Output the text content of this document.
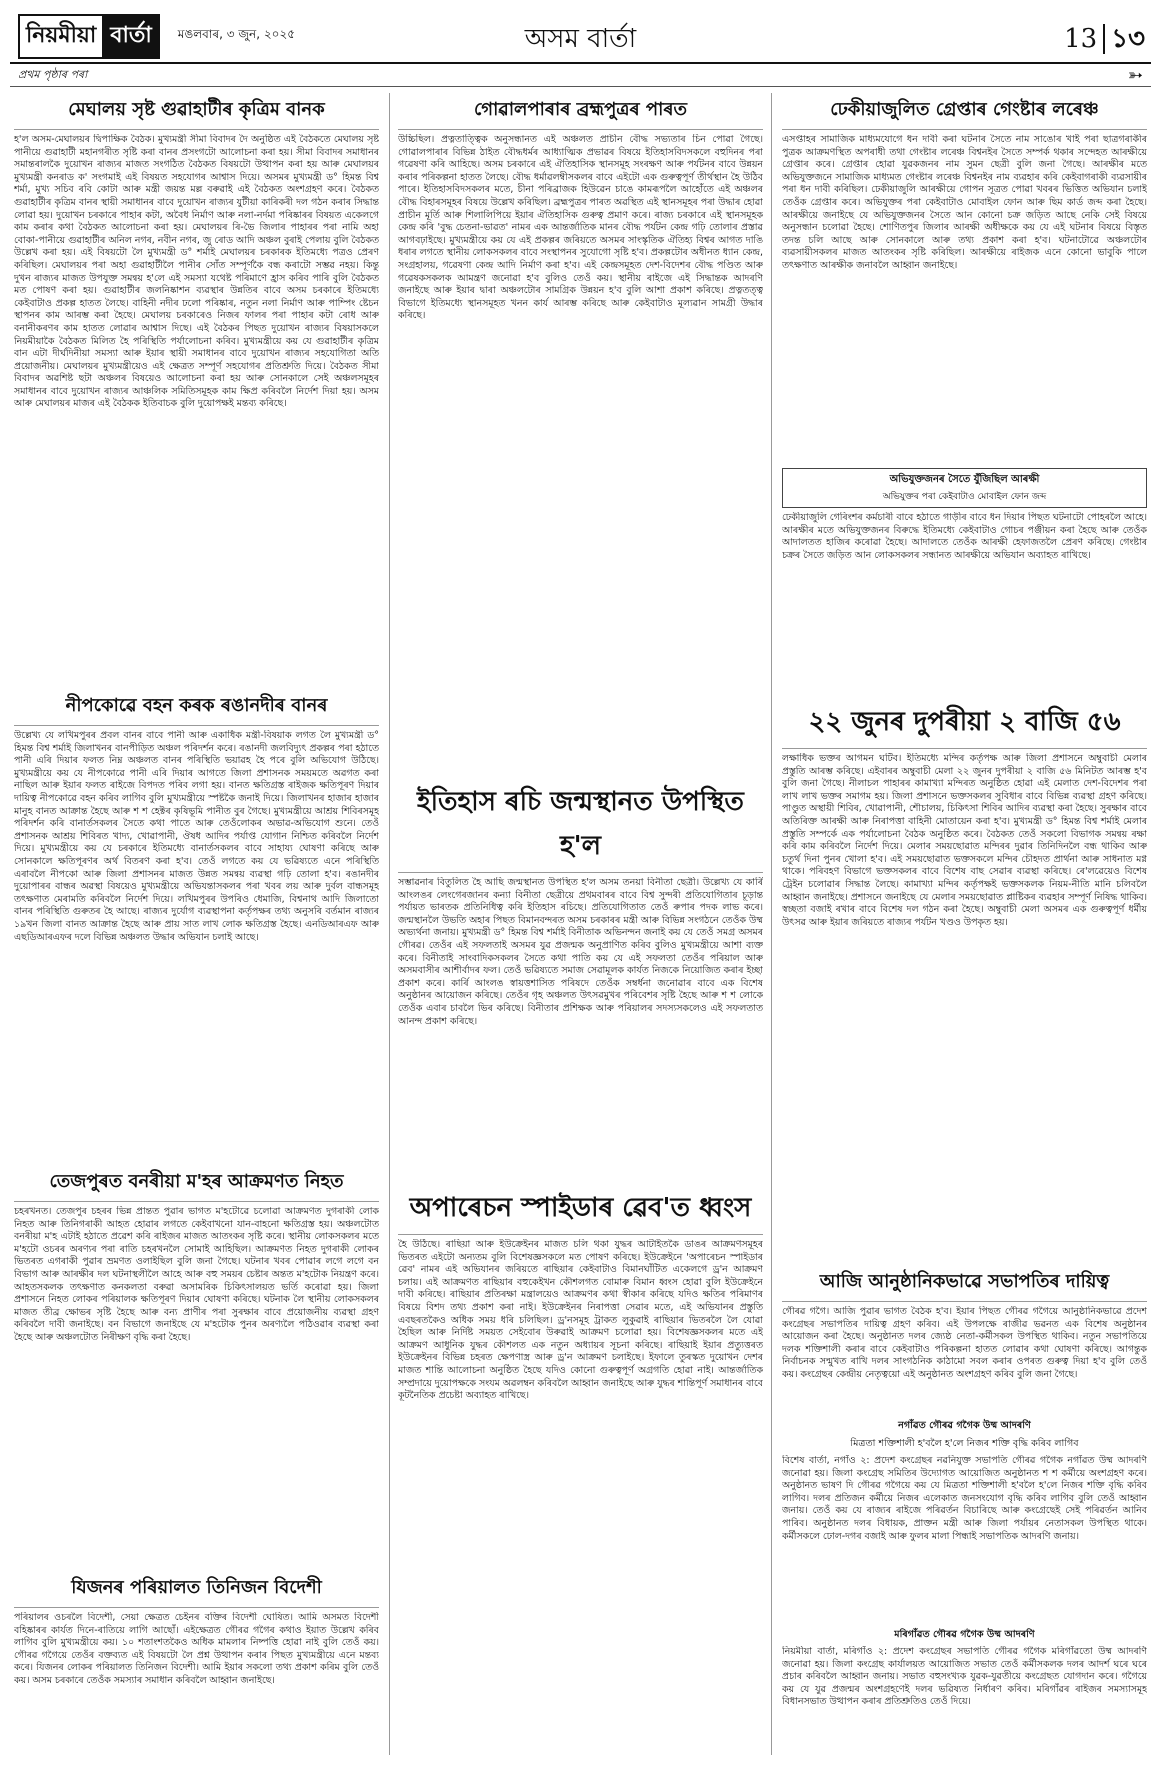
নিয়মীয়া বাৰ্তা	মঙলবাৰ, ৩ জুন, ২০২৫	অসম বাৰ্তা	13 ১৩
প্ৰথম পৃষ্ঠাৰ পৰা	➳
মেঘালয় সৃষ্ট গুৱাহাটীৰ কৃত্ৰিম বানক
হ'ল অসম-মেঘালয়ৰ দ্বিপাক্ষিক বৈঠক। মুখ্যমন্ত্ৰী সীমা বিবাদৰ দৈ অনুষ্ঠিত এই বৈঠকতে মেঘালয় সৃষ্ট পানীয়ে গুৱাহাটী মহানগৰীত সৃষ্টি কৰা বানৰ প্ৰসংগটো আলোচনা কৰা হয়। সীমা বিবাদৰ সমাধানৰ সমান্তৰালকৈ দুয়োখন ৰাজ্যৰ মাজত সংগঠিত বৈঠকত বিষয়টো উত্থাপন কৰা হয় আৰু মেঘালয়ৰ মুখ্যমন্ত্ৰী কনৰাড ক' সংগমাই এই বিষয়ত সহযোগৰ আশ্বাস দিয়ে। অসমৰ মুখ্যমন্ত্ৰী ড° হিমন্ত বিশ্ব শৰ্মা, মুখ্য সচিব ৰবি কোটা আৰু মন্ত্ৰী জয়ন্ত মল্ল বৰুৱাই এই বৈঠকত অংশগ্ৰহণ কৰে। বৈঠকত গুৱাহাটীৰ কৃত্ৰিম বানৰ স্থায়ী সমাধানৰ বাবে দুয়োখন ৰাজ্যৰ যুটীয়া কাৰিকৰী দল গঠন কৰাৰ সিদ্ধান্ত লোৱা হয়। দুয়োখন চৰকাৰে পাহাৰ কটা, অবৈধ নিৰ্মাণ আৰু নলা-নৰ্দমা পৰিষ্কাৰৰ বিষয়ত একেলগে কাম কৰাৰ কথা বৈঠকত আলোচনা কৰা হয়। মেঘালয়ৰ ৰি-ভৈ জিলাৰ পাহাৰৰ পৰা নামি অহা বোকা-পানীয়ে গুৱাহাটীৰ অনিল নগৰ, নবীন নগৰ, জু ৰোড আদি অঞ্চল বুৰাই পেলায় বুলি বৈঠকত উল্লেখ কৰা হয়। এই বিষয়টো লৈ মুখ্যমন্ত্ৰী ড° শৰ্মাই মেঘালয়ৰ চৰকাৰক ইতিমধ্যে পত্ৰও প্ৰেৰণ কৰিছিল। মেঘালয়ৰ পৰা অহা গুৱাহাটীলৈ পানীৰ সোঁত সম্পূৰ্ণকৈ বন্ধ কৰাটো সম্ভৱ নহয়। কিন্তু দুখন ৰাজ্যৰ মাজত উপযুক্ত সমন্বয় হ'লে এই সমস্যা যথেষ্ট পৰিমাণে হ্ৰাস কৰিব পাৰি বুলি বৈঠকত মত পোষণ কৰা হয়। গুৱাহাটীৰ জলনিষ্কাশন ব্যৱস্থাৰ উন্নতিৰ বাবে অসম চৰকাৰে ইতিমধ্যে কেইবাটাও প্ৰকল্প হাতত লৈছে। বাহিনী নদীৰ ঢলো পৰিষ্কাৰ, নতুন নলা নিৰ্মাণ আৰু পাম্পিং ষ্টেচন স্থাপনৰ কাম আৰম্ভ কৰা হৈছে। মেঘালয় চৰকাৰেও নিজৰ ফালৰ পৰা পাহাৰ কটা ৰোধ আৰু বনানীকৰণৰ কাম হাতত লোৱাৰ আশ্বাস দিছে। এই বৈঠকৰ পিছত দুয়োখন ৰাজ্যৰ বিষয়াসকলে নিয়মীয়াকৈ বৈঠকত মিলিত হৈ পৰিস্থিতি পৰ্যালোচনা কৰিব। মুখ্যমন্ত্ৰীয়ে কয় যে গুৱাহাটীৰ কৃত্ৰিম বান এটা দীৰ্ঘদিনীয়া সমস্যা আৰু ইয়াৰ স্থায়ী সমাধানৰ বাবে দুয়োখন ৰাজ্যৰ সহযোগিতা অতি প্ৰয়োজনীয়। মেঘালয়ৰ মুখ্যমন্ত্ৰীয়েও এই ক্ষেত্ৰত সম্পূৰ্ণ সহযোগৰ প্ৰতিশ্ৰুতি দিয়ে। বৈঠকত সীমা বিবাদৰ অৱশিষ্ট ছটা অঞ্চলৰ বিষয়েও আলোচনা কৰা হয় আৰু সোনকালে সেই অঞ্চলসমূহৰ সমাধানৰ বাবে দুয়োখন ৰাজ্যৰ আঞ্চলিক সমিতিসমূহক কাম ক্ষিপ্ৰ কৰিবলৈ নিৰ্দেশ দিয়া হয়। অসম আৰু মেঘালয়ৰ মাজৰ এই বৈঠকক ইতিবাচক বুলি দুয়োপক্ষই মন্তব্য কৰিছে।
নীপকোৱে বহন কৰক ৰঙানদীৰ বানৰ
উল্লেখ্য যে লখিমপুৰৰ প্ৰবল বানৰ বাবে পানী আৰু একাধিক মন্ত্ৰী-বিষয়াক লগত লৈ মুখ্যমন্ত্ৰী ড° হিমন্ত বিশ্ব শৰ্মাই জিলাখনৰ বানপীড়িত অঞ্চল পৰিদৰ্শন কৰে। ৰঙানদী জলবিদ্যুৎ প্ৰকল্পৰ পৰা হঠাতে পানী এৰি দিয়াৰ ফলত নিম্ন অঞ্চলত বানৰ পৰিস্থিতি ভয়াৱহ হৈ পৰে বুলি অভিযোগ উঠিছে। মুখ্যমন্ত্ৰীয়ে কয় যে নীপকোৱে পানী এৰি দিয়াৰ আগতে জিলা প্ৰশাসনক সময়মতে অৱগত কৰা নাছিল আৰু ইয়াৰ ফলত ৰাইজে বিপদত পৰিব লগা হয়। বানত ক্ষতিগ্ৰস্ত ৰাইজক ক্ষতিপূৰণ দিয়াৰ দায়িত্ব নীপকোৱে বহন কৰিব লাগিব বুলি মুখ্যমন্ত্ৰীয়ে স্পষ্টকৈ জনাই দিয়ে। জিলাখনৰ হাজাৰ হাজাৰ মানুহ বানত আক্ৰান্ত হৈছে আৰু শ শ হেক্টৰ কৃষিভূমি পানীত বুৰ গৈছে। মুখ্যমন্ত্ৰীয়ে আশ্ৰয় শিবিৰসমূহ পৰিদৰ্শন কৰি বানাৰ্তসকলৰ সৈতে কথা পাতে আৰু তেওঁলোকৰ অভাৱ-অভিযোগ শুনে। তেওঁ প্ৰশাসনক আশ্ৰয় শিবিৰত খাদ্য, খোৱাপানী, ঔষধ আদিৰ পৰ্যাপ্ত যোগান নিশ্চিত কৰিবলৈ নিৰ্দেশ দিয়ে। মুখ্যমন্ত্ৰীয়ে কয় যে চৰকাৰে ইতিমধ্যে বানাৰ্তসকলৰ বাবে সাহায্য ঘোষণা কৰিছে আৰু সোনকালে ক্ষতিপূৰণৰ অৰ্থ বিতৰণ কৰা হ'ব। তেওঁ লগতে কয় যে ভৱিষ্যতে এনে পৰিস্থিতি এৰাবলৈ নীপকো আৰু জিলা প্ৰশাসনৰ মাজত উন্নত সমন্বয় ব্যৱস্থা গঢ়ি তোলা হ'ব। ৰঙানদীৰ দুয়োপাৰৰ বান্ধৰ অৱস্থা বিষয়েও মুখ্যমন্ত্ৰীয়ে অভিযন্তাসকলৰ পৰা খবৰ লয় আৰু দুৰ্বল বান্ধসমূহ তৎক্ষণাত মেৰামতি কৰিবলৈ নিৰ্দেশ দিয়ে। লখিমপুৰৰ উপৰিও ধেমাজি, বিশ্বনাথ আদি জিলাতো বানৰ পৰিস্থিতি গুৰুতৰ হৈ আছে। ৰাজ্যৰ দুৰ্যোগ ব্যৱস্থাপনা কৰ্তৃপক্ষৰ তথ্য অনুসৰি বৰ্তমান ৰাজ্যৰ ১৯খন জিলা বানত আক্ৰান্ত হৈছে আৰু প্ৰায় সাত লাখ লোক ক্ষতিগ্ৰস্ত হৈছে। এনডিআৰএফ আৰু এছডিআৰএফৰ দলে বিভিন্ন অঞ্চলত উদ্ধাৰ অভিযান চলাই আছে।
তেজপুৰত বনৰীয়া ম'হৰ আক্ৰমণত নিহত
চহৰখনত। তেজপুৰ চহৰৰ ভিন্ন প্ৰান্তত পুৱাৰ ভাগত ম'হটোৱে চলোৱা আক্ৰমণত দুগৰাকী লোক নিহত আৰু তিনিগৰাকী আহত হোৱাৰ লগতে কেইবাখনো যান-বাহনো ক্ষতিগ্ৰস্ত হয়। অঞ্চলটোত বনৰীয়া ম'হ এটাই হঠাতে প্ৰৱেশ কৰি ৰাইজৰ মাজত আতংকৰ সৃষ্টি কৰে। স্থানীয় লোকসকলৰ মতে ম'হটো ওচৰৰ অৰণ্যৰ পৰা ৰাতি চহৰখনলৈ সোমাই আহিছিল। আক্ৰমণত নিহত দুগৰাকী লোকৰ ভিতৰত এগৰাকী পুৱাৰ ভ্ৰমণত ওলাইছিল বুলি জনা গৈছে। ঘটনাৰ খবৰ পোৱাৰ লগে লগে বন বিভাগ আৰু আৰক্ষীৰ দল ঘটনাস্থলীলৈ আহে আৰু বহু সময়ৰ চেষ্টাৰ অন্তত ম'হটোক নিয়ন্ত্ৰণ কৰে। আহতসকলক তৎক্ষণাত কনকলতা বৰুৱা অসামৰিক চিকিৎসালয়ত ভৰ্তি কৰোৱা হয়। জিলা প্ৰশাসনে নিহত লোকৰ পৰিয়ালক ক্ষতিপূৰণ দিয়াৰ ঘোষণা কৰিছে। ঘটনাক লৈ স্থানীয় লোকসকলৰ মাজত তীব্ৰ ক্ষোভৰ সৃষ্টি হৈছে আৰু বন্য প্ৰাণীৰ পৰা সুৰক্ষাৰ বাবে প্ৰয়োজনীয় ব্যৱস্থা গ্ৰহণ কৰিবলৈ দাবী জনাইছে। বন বিভাগে জনাইছে যে ম'হটোক পুনৰ অৰণ্যলৈ পঠিওৱাৰ ব্যৱস্থা কৰা হৈছে আৰু অঞ্চলটোত নিৰীক্ষণ বৃদ্ধি কৰা হৈছে।
যিজনৰ পৰিয়ালত তিনিজন বিদেশী
পৰিয়ালৰ ওচৰলৈ বিদেশী, সেয়া ক্ষেত্ৰত চেইনৰ বক্তিৰ বিদেশী ঘোষিত। আমি অসমত বিদেশী বহিষ্কাৰৰ কাৰ্যত দিনে-ৰাতিয়ে লাগি আছোঁ। এইক্ষেত্ৰত গৌৰৱ গগৈৰ কথাও ইয়াত উল্লেখ কৰিব লাগিব বুলি মুখ্যমন্ত্ৰীয়ে কয়। ১০ শতাংশতকৈও অধিক মামলাৰ নিষ্পত্তি হোৱা নাই বুলি তেওঁ কয়। গৌৰৱ গগৈয়ে তেওঁৰ বক্তব্যত এই বিষয়টো লৈ প্ৰশ্ন উত্থাপন কৰাৰ পিছত মুখ্যমন্ত্ৰীয়ে এনে মন্তব্য কৰে। যিজনৰ লোকৰ পৰিয়ালত তিনিজন বিদেশী। আমি ইয়াৰ সকলো তথ্য প্ৰকাশ কৰিম বুলি তেওঁ কয়। অসম চৰকাৰে তেওঁক সমস্যাৰ সমাধান কৰিবলৈ আহ্বান জনাইছে।
গোৱালপাৰাৰ ব্ৰহ্মপুত্ৰৰ পাৰত
উচ্চিছিল। প্ৰত্নতাত্ত্বিক অনুসন্ধানত এই অঞ্চলত প্ৰাচীন বৌদ্ধ সভ্যতাৰ চিন পোৱা গৈছে। গোৱালপাৰাৰ বিভিন্ন ঠাইত বৌদ্ধধৰ্মৰ আধ্যাত্মিক প্ৰভাৱৰ বিষয়ে ইতিহাসবিদসকলে বহুদিনৰ পৰা গৱেষণা কৰি আহিছে। অসম চৰকাৰে এই ঐতিহাসিক স্থানসমূহ সংৰক্ষণ আৰু পৰ্যটনৰ বাবে উন্নয়ন কৰাৰ পৰিকল্পনা হাতত লৈছে। বৌদ্ধ ধৰ্মাৱলম্বীসকলৰ বাবে এইটো এক গুৰুত্বপূৰ্ণ তীৰ্থস্থান হৈ উঠিব পাৰে। ইতিহাসবিদসকলৰ মতে, চীনা পৰিব্ৰাজক হিউৱেন চাঙে কামৰূপলৈ আহোঁতে এই অঞ্চলৰ বৌদ্ধ বিহাৰসমূহৰ বিষয়ে উল্লেখ কৰিছিল। ব্ৰহ্মপুত্ৰৰ পাৰত অৱস্থিত এই স্থানসমূহৰ পৰা উদ্ধাৰ হোৱা প্ৰাচীন মূৰ্তি আৰু শিলালিপিয়ে ইয়াৰ ঐতিহাসিক গুৰুত্ব প্ৰমাণ কৰে। ৰাজ্য চৰকাৰে এই স্থানসমূহক কেন্দ্ৰ কৰি 'বুদ্ধ চেতনা-ভাৱত' নামৰ এক আন্তৰ্জাতিক মানৰ বৌদ্ধ পৰ্যটন কেন্দ্ৰ গঢ়ি তোলাৰ প্ৰস্তাৱ আগবঢ়াইছে। মুখ্যমন্ত্ৰীয়ে কয় যে এই প্ৰকল্পৰ জৰিয়তে অসমৰ সাংস্কৃতিক ঐতিহ্য বিশ্বৰ আগত দাঙি ধৰাৰ লগতে স্থানীয় লোকসকলৰ বাবে সংস্থাপনৰ সুযোগো সৃষ্টি হ'ব। প্ৰকল্পটোৰ অধীনত ধ্যান কেন্দ্ৰ, সংগ্ৰহালয়, গৱেষণা কেন্দ্ৰ আদি নিৰ্মাণ কৰা হ'ব। এই কেন্দ্ৰসমূহত দেশ-বিদেশৰ বৌদ্ধ পণ্ডিত আৰু গৱেষকসকলক আমন্ত্ৰণ জনোৱা হ'ব বুলিও তেওঁ কয়। স্থানীয় ৰাইজে এই সিদ্ধান্তক আদৰণি জনাইছে আৰু ইয়াৰ দ্বাৰা অঞ্চলটোৰ সামগ্ৰিক উন্নয়ন হ'ব বুলি আশা প্ৰকাশ কৰিছে। প্ৰত্নতত্ত্ব বিভাগে ইতিমধ্যে স্থানসমূহত খনন কাৰ্য আৰম্ভ কৰিছে আৰু কেইবাটাও মূল্যৱান সামগ্ৰী উদ্ধাৰ কৰিছে।
ইতিহাস ৰচি জন্মস্থানত উপস্থিত হ'ল
সম্ভাৱনাৰ বিতুলিত হৈ আছি জন্মস্থানত উপস্থিত হ'ল অসম তনয়া বিনীতা ছেত্ৰী। উল্লেখ্য যে কাৰ্ৰি আংলঙৰ লেংগেৰজানৰ কন্যা বিনীতা ছেত্ৰীয়ে প্ৰথমবাৰৰ বাবে বিশ্ব সুন্দৰী প্ৰতিযোগিতাৰ চূড়ান্ত পৰ্যায়ত ভাৰতক প্ৰতিনিধিত্ব কৰি ইতিহাস ৰচিছে। প্ৰতিযোগিতাত তেওঁ ৰুপাৰ পদক লাভ কৰে। জন্মস্থানলৈ উভতি অহাৰ পিছত বিমানবন্দৰত অসম চৰকাৰৰ মন্ত্ৰী আৰু বিভিন্ন সংগঠনে তেওঁক উষ্ম অভ্যৰ্থনা জনায়। মুখ্যমন্ত্ৰী ড° হিমন্ত বিশ্ব শৰ্মাই বিনীতাক অভিনন্দন জনাই কয় যে তেওঁ সমগ্ৰ অসমৰ গৌৰৱ। তেওঁৰ এই সফলতাই অসমৰ যুৱ প্ৰজন্মক অনুপ্ৰাণিত কৰিব বুলিও মুখ্যমন্ত্ৰীয়ে আশা ব্যক্ত কৰে। বিনীতাই সাংবাদিকসকলৰ সৈতে কথা পাতি কয় যে এই সফলতা তেওঁৰ পৰিয়াল আৰু অসমবাসীৰ আশীৰ্বাদৰ ফল। তেওঁ ভৱিষ্যতে সমাজ সেৱামূলক কাৰ্যত নিজকে নিয়োজিত কৰাৰ ইচ্ছা প্ৰকাশ কৰে। কাৰ্ৰি আংলঙ স্বায়ত্তশাসিত পৰিষদে তেওঁক সম্বৰ্ধনা জনোৱাৰ বাবে এক বিশেষ অনুষ্ঠানৰ আয়োজন কৰিছে। তেওঁৰ গৃহ অঞ্চলত উৎসৱমুখৰ পৰিবেশৰ সৃষ্টি হৈছে আৰু শ শ লোকে তেওঁক এবাৰ চাবলৈ ভিৰ কৰিছে। বিনীতাৰ প্ৰশিক্ষক আৰু পৰিয়ালৰ সদস্যসকলেও এই সফলতাত আনন্দ প্ৰকাশ কৰিছে।
অপাৰেচন স্পাইডাৰ ৱেব'ত ধ্বংস
হৈ উঠিছে। ৰাছিয়া আৰু ইউক্ৰেইনৰ মাজত চলি থকা যুদ্ধৰ আটাইতকৈ ডাঙৰ আক্ৰমণসমূহৰ ভিতৰত এইটো অন্যতম বুলি বিশেষজ্ঞসকলে মত পোষণ কৰিছে। ইউক্ৰেইনে 'অপাৰেচন স্পাইডাৰ ৱেব' নামৰ এই অভিযানৰ জৰিয়তে ৰাছিয়াৰ কেইবাটাও বিমানঘাঁটিত একেলগে ড্ৰ'ন আক্ৰমণ চলায়। এই আক্ৰমণত ৰাছিয়াৰ বহুকেইখন কৌশলগত বোমাৰু বিমান ধ্বংস হোৱা বুলি ইউক্ৰেইনে দাবী কৰিছে। ৰাছিয়াৰ প্ৰতিৰক্ষা মন্ত্ৰালয়েও আক্ৰমণৰ কথা স্বীকাৰ কৰিছে যদিও ক্ষতিৰ পৰিমাণৰ বিষয়ে বিশদ তথ্য প্ৰকাশ কৰা নাই। ইউক্ৰেইনৰ নিৰাপত্তা সেৱাৰ মতে, এই অভিযানৰ প্ৰস্তুতি এবছৰতকৈও অধিক সময় ধৰি চলিছিল। ড্ৰ'নসমূহ ট্ৰাকত লুকুৱাই ৰাছিয়াৰ ভিতৰলৈ লৈ যোৱা হৈছিল আৰু নিৰ্দিষ্ট সময়ত সেইবোৰ উৰুৱাই আক্ৰমণ চলোৱা হয়। বিশেষজ্ঞসকলৰ মতে এই আক্ৰমণ আধুনিক যুদ্ধৰ কৌশলত এক নতুন অধ্যায়ৰ সূচনা কৰিছে। ৰাছিয়াই ইয়াৰ প্ৰত্যুত্তৰত ইউক্ৰেইনৰ বিভিন্ন চহৰত ক্ষেপণাস্ত্ৰ আৰু ড্ৰ'ন আক্ৰমণ চলাইছে। ইফালে তুৰস্কত দুয়োখন দেশৰ মাজত শান্তি আলোচনা অনুষ্ঠিত হৈছে যদিও কোনো গুৰুত্বপূৰ্ণ অগ্ৰগতি হোৱা নাই। আন্তৰ্জাতিক সম্প্ৰদায়ে দুয়োপক্ষকে সংযম অৱলম্বন কৰিবলৈ আহ্বান জনাইছে আৰু যুদ্ধৰ শান্তিপূৰ্ণ সমাধানৰ বাবে কূটনৈতিক প্ৰচেষ্টা অব্যাহত ৰাখিছে।
ঢেকীয়াজুলিত গ্ৰেপ্তাৰ গেংষ্টাৰ লৰেঞ্চ
এসপ্তাহৰ সামাজিক মাধ্যমযোগে ধন দাবী কৰা ঘটনাৰ সৈতে নাম সাঙোৰ খাই পৰা ছাত্ৰগৰাকীৰ পুত্ৰক আক্ৰমণস্থিত অপৰাধী তথা গেংষ্টাৰ লৰেঞ্চ বিশ্বনইৰ সৈতে সম্পৰ্ক থকাৰ সন্দেহত আৰক্ষীয়ে গ্ৰেপ্তাৰ কৰে। গ্ৰেপ্তাৰ হোৱা যুৱকজনৰ নাম সুমন ছেত্ৰী বুলি জনা গৈছে। আৰক্ষীৰ মতে অভিযুক্তজনে সামাজিক মাধ্যমত গেংষ্টাৰ লৰেঞ্চ বিশ্বনইৰ নাম ব্যৱহাৰ কৰি কেইবাগৰাকী ব্যৱসায়ীৰ পৰা ধন দাবী কৰিছিল। ঢেকীয়াজুলি আৰক্ষীয়ে গোপন সূত্ৰত পোৱা খবৰৰ ভিত্তিত অভিযান চলাই তেওঁক গ্ৰেপ্তাৰ কৰে। অভিযুক্তৰ পৰা কেইবাটাও মোবাইল ফোন আৰু ছিম কাৰ্ড জব্দ কৰা হৈছে। আৰক্ষীয়ে জনাইছে যে অভিযুক্তজনৰ সৈতে আন কোনো চক্ৰ জড়িত আছে নেকি সেই বিষয়ে অনুসন্ধান চলোৱা হৈছে। শোণিতপুৰ জিলাৰ আৰক্ষী অধীক্ষকে কয় যে এই ঘটনাৰ বিষয়ে বিস্তৃত তদন্ত চলি আছে আৰু সোনকালে আৰু তথ্য প্ৰকাশ কৰা হ'ব। ঘটনাটোৱে অঞ্চলটোৰ ব্যৱসায়ীসকলৰ মাজত আতংকৰ সৃষ্টি কৰিছিল। আৰক্ষীয়ে ৰাইজক এনে কোনো ভাবুকি পালে তৎক্ষণাত আৰক্ষীক জনাবলৈ আহ্বান জনাইছে।
অভিযুক্তজনৰ সৈতে যুঁজিছিল আৰক্ষী
অভিযুক্তৰ পৰা কেইবাটাও মোবাইল ফোন জব্দ
ঢেকীয়াজুলি গেৰিংশৰ কৰ্মচাৰী বাবে হঠাতে গাড়ীৰ বাবে ধন দিয়াৰ পিছত ঘটনাটো পোহৰলৈ আহে। আৰক্ষীৰ মতে অভিযুক্তজনৰ বিৰুদ্ধে ইতিমধ্যে কেইবাটাও গোচৰ পঞ্জীয়ন কৰা হৈছে আৰু তেওঁক আদালতত হাজিৰ কৰোৱা হৈছে। আদালতে তেওঁক আৰক্ষী হেফাজতলৈ প্ৰেৰণ কৰিছে। গেংষ্টাৰ চক্ৰৰ সৈতে জড়িত আন লোকসকলৰ সন্ধানত আৰক্ষীয়ে অভিযান অব্যাহত ৰাখিছে।
২২ জুনৰ দুপৰীয়া ২ বাজি ৫৬
লক্ষাধিক ভক্তৰ আগমন ঘটিব। ইতিমধ্যে মন্দিৰ কৰ্তৃপক্ষ আৰু জিলা প্ৰশাসনে অম্বুবাচী মেলাৰ প্ৰস্তুতি আৰম্ভ কৰিছে। এইবাৰৰ অম্বুবাচী মেলা ২২ জুনৰ দুপৰীয়া ২ বাজি ৫৬ মিনিটত আৰম্ভ হ'ব বুলি জনা গৈছে। নীলাচল পাহাৰৰ কামাখ্যা মন্দিৰত অনুষ্ঠিত হোৱা এই মেলাত দেশ-বিদেশৰ পৰা লাখ লাখ ভক্তৰ সমাগম হয়। জিলা প্ৰশাসনে ভক্তসকলৰ সুবিধাৰ বাবে বিভিন্ন ব্যৱস্থা গ্ৰহণ কৰিছে। পাণ্ডুত অস্থায়ী শিবিৰ, খোৱাপানী, শৌচালয়, চিকিৎসা শিবিৰ আদিৰ ব্যৱস্থা কৰা হৈছে। সুৰক্ষাৰ বাবে অতিৰিক্ত আৰক্ষী আৰু নিৰাপত্তা বাহিনী মোতায়েন কৰা হ'ব। মুখ্যমন্ত্ৰী ড° হিমন্ত বিশ্ব শৰ্মাই মেলাৰ প্ৰস্তুতি সম্পৰ্কে এক পৰ্যালোচনা বৈঠক অনুষ্ঠিত কৰে। বৈঠকত তেওঁ সকলো বিভাগক সমন্বয় ৰক্ষা কৰি কাম কৰিবলৈ নিৰ্দেশ দিয়ে। মেলাৰ সময়ছোৱাত মন্দিৰৰ দুৱাৰ তিনিদিনলৈ বন্ধ থাকিব আৰু চতুৰ্থ দিনা পুনৰ খোলা হ'ব। এই সময়ছোৱাত ভক্তসকলে মন্দিৰ চৌহদত প্ৰাৰ্থনা আৰু সাধনাত মগ্ন থাকে। পৰিবহণ বিভাগে ভক্তসকলৰ বাবে বিশেষ বাছ সেৱাৰ ব্যৱস্থা কৰিছে। ৰে'লৱেয়েও বিশেষ ট্ৰেইন চলোৱাৰ সিদ্ধান্ত লৈছে। কামাখ্যা মন্দিৰ কৰ্তৃপক্ষই ভক্তসকলক নিয়ম-নীতি মানি চলিবলৈ আহ্বান জনাইছে। প্ৰশাসনে জনাইছে যে মেলাৰ সময়ছোৱাত প্লাষ্টিকৰ ব্যৱহাৰ সম্পূৰ্ণ নিষিদ্ধ থাকিব। স্বচ্ছতা বজাই ৰখাৰ বাবে বিশেষ দল গঠন কৰা হৈছে। অম্বুবাচী মেলা অসমৰ এক গুৰুত্বপূৰ্ণ ধৰ্মীয় উৎসৱ আৰু ইয়াৰ জৰিয়তে ৰাজ্যৰ পৰ্যটন খণ্ডও উপকৃত হয়।
আজি আনুষ্ঠানিকভাৱে সভাপতিৰ দায়িত্ব
গৌৰৱ গগৈ। আজি পুৱাৰ ভাগত বৈঠক হ'ব। ইয়াৰ পিছত গৌৰৱ গগৈয়ে আনুষ্ঠানিকভাৱে প্ৰদেশ কংগ্ৰেছৰ সভাপতিৰ দায়িত্ব গ্ৰহণ কৰিব। এই উপলক্ষে ৰাজীৱ ভৱনত এক বিশেষ অনুষ্ঠানৰ আয়োজন কৰা হৈছে। অনুষ্ঠানত দলৰ জ্যেষ্ঠ নেতা-কৰ্মীসকল উপস্থিত থাকিব। নতুন সভাপতিয়ে দলক শক্তিশালী কৰাৰ বাবে কেইবাটাও পৰিকল্পনা হাতত লোৱাৰ কথা ঘোষণা কৰিছে। আগন্তুক নিৰ্বাচনক সন্মুখত ৰাখি দলৰ সাংগঠনিক কাঠামো সবল কৰাৰ ওপৰত গুৰুত্ব দিয়া হ'ব বুলি তেওঁ কয়। কংগ্ৰেছৰ কেন্দ্ৰীয় নেতৃত্বয়ো এই অনুষ্ঠানত অংশগ্ৰহণ কৰিব বুলি জনা গৈছে।
নগাঁৱত গৌৰৱ গগৈক উষ্ম আদৰণি
মিত্ৰতা শক্তিশালী হ'বলৈ হ'লে নিজৰ শক্তি বৃদ্ধি কৰিব লাগিব
বিশেষ বাৰ্তা, নগাঁও ২: প্ৰদেশ কংগ্ৰেছৰ নৱনিযুক্ত সভাপতি গৌৰৱ গগৈক নগাঁৱত উষ্ম আদৰণি জনোৱা হয়। জিলা কংগ্ৰেছ সমিতিৰ উদ্যোগত আয়োজিত অনুষ্ঠানত শ শ কৰ্মীয়ে অংশগ্ৰহণ কৰে। অনুষ্ঠানত ভাষণ দি গৌৰৱ গগৈয়ে কয় যে মিত্ৰতা শক্তিশালী হ'বলৈ হ'লে নিজৰ শক্তি বৃদ্ধি কৰিব লাগিব। দলৰ প্ৰতিজন কৰ্মীয়ে নিজৰ এলেকাত জনসংযোগ বৃদ্ধি কৰিব লাগিব বুলি তেওঁ আহ্বান জনায়। তেওঁ কয় যে ৰাজ্যৰ ৰাইজে পৰিৱৰ্তন বিচাৰিছে আৰু কংগ্ৰেছেই সেই পৰিৱৰ্তন আনিব পাৰিব। অনুষ্ঠানত দলৰ বিধায়ক, প্ৰাক্তন মন্ত্ৰী আৰু জিলা পৰ্যায়ৰ নেতাসকল উপস্থিত থাকে। কৰ্মীসকলে ঢোল-দগৰ বজাই আৰু ফুলৰ মালা পিন্ধাই সভাপতিক আদৰণি জনায়।
মৰিগাঁৱত গৌৰৱ গগৈক উষ্ম আদৰণি
নিয়মীয়া বাৰ্তা, মৰিগাঁও ২: প্ৰদেশ কংগ্ৰেছৰ সভাপতি গৌৰৱ গগৈক মৰিগাঁৱতো উষ্ম আদৰণি জনোৱা হয়। জিলা কংগ্ৰেছ কাৰ্যালয়ত আয়োজিত সভাত তেওঁ কৰ্মীসকলক দলৰ আদৰ্শ ঘৰে ঘৰে প্ৰচাৰ কৰিবলৈ আহ্বান জনায়। সভাত বহুসংখ্যক যুৱক-যুৱতীয়ে কংগ্ৰেছত যোগদান কৰে। গগৈয়ে কয় যে যুৱ প্ৰজন্মৰ অংশগ্ৰহণেই দলৰ ভৱিষ্যত নিৰ্ধাৰণ কৰিব। মৰিগাঁৱৰ ৰাইজৰ সমস্যাসমূহ বিধানসভাত উত্থাপন কৰাৰ প্ৰতিশ্ৰুতিও তেওঁ দিয়ে।
